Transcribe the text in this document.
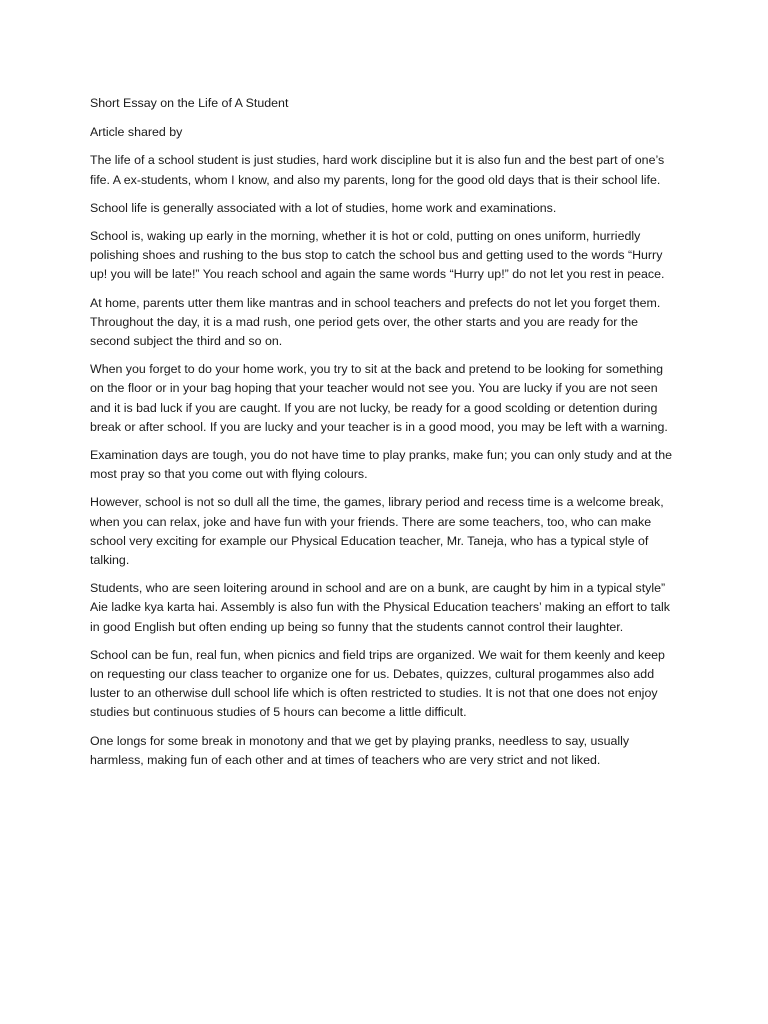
Short Essay on the Life of A Student

Article shared by

The life of a school student is just studies, hard work discipline but it is also fun and the best part of one’s fife. A ex-students, whom I know, and also my parents, long for the good old days that is their school life.

School life is generally associated with a lot of studies, home work and examinations.

School is, waking up early in the morning, whether it is hot or cold, putting on ones uniform, hurriedly polishing shoes and rushing to the bus stop to catch the school bus and getting used to the words “Hurry up! you will be late!” You reach school and again the same words “Hurry up!” do not let you rest in peace.

At home, parents utter them like mantras and in school teachers and prefects do not let you forget them. Throughout the day, it is a mad rush, one period gets over, the other starts and you are ready for the second subject the third and so on.

When you forget to do your home work, you try to sit at the back and pretend to be looking for something on the floor or in your bag hoping that your teacher would not see you. You are lucky if you are not seen and it is bad luck if you are caught. If you are not lucky, be ready for a good scolding or detention during break or after school. If you are lucky and your teacher is in a good mood, you may be left with a warning.

Examination days are tough, you do not have time to play pranks, make fun; you can only study and at the most pray so that you come out with flying colours.

However, school is not so dull all the time, the games, library period and recess time is a welcome break, when you can relax, joke and have fun with your friends. There are some teachers, too, who can make school very exciting for example our Physical Education teacher, Mr. Taneja, who has a typical style of talking.

Students, who are seen loitering around in school and are on a bunk, are caught by him in a typical style” Aie ladke kya karta hai. Assembly is also fun with the Physical Education teachers’ making an effort to talk in good English but often ending up being so funny that the students cannot control their laughter.

School can be fun, real fun, when picnics and field trips are organized. We wait for them keenly and keep on requesting our class teacher to organize one for us. Debates, quizzes, cultural progammes also add luster to an otherwise dull school life which is often restricted to studies. It is not that one does not enjoy studies but continuous studies of 5 hours can become a little difficult.

One longs for some break in monotony and that we get by playing pranks, needless to say, usually harmless, making fun of each other and at times of teachers who are very strict and not liked.
